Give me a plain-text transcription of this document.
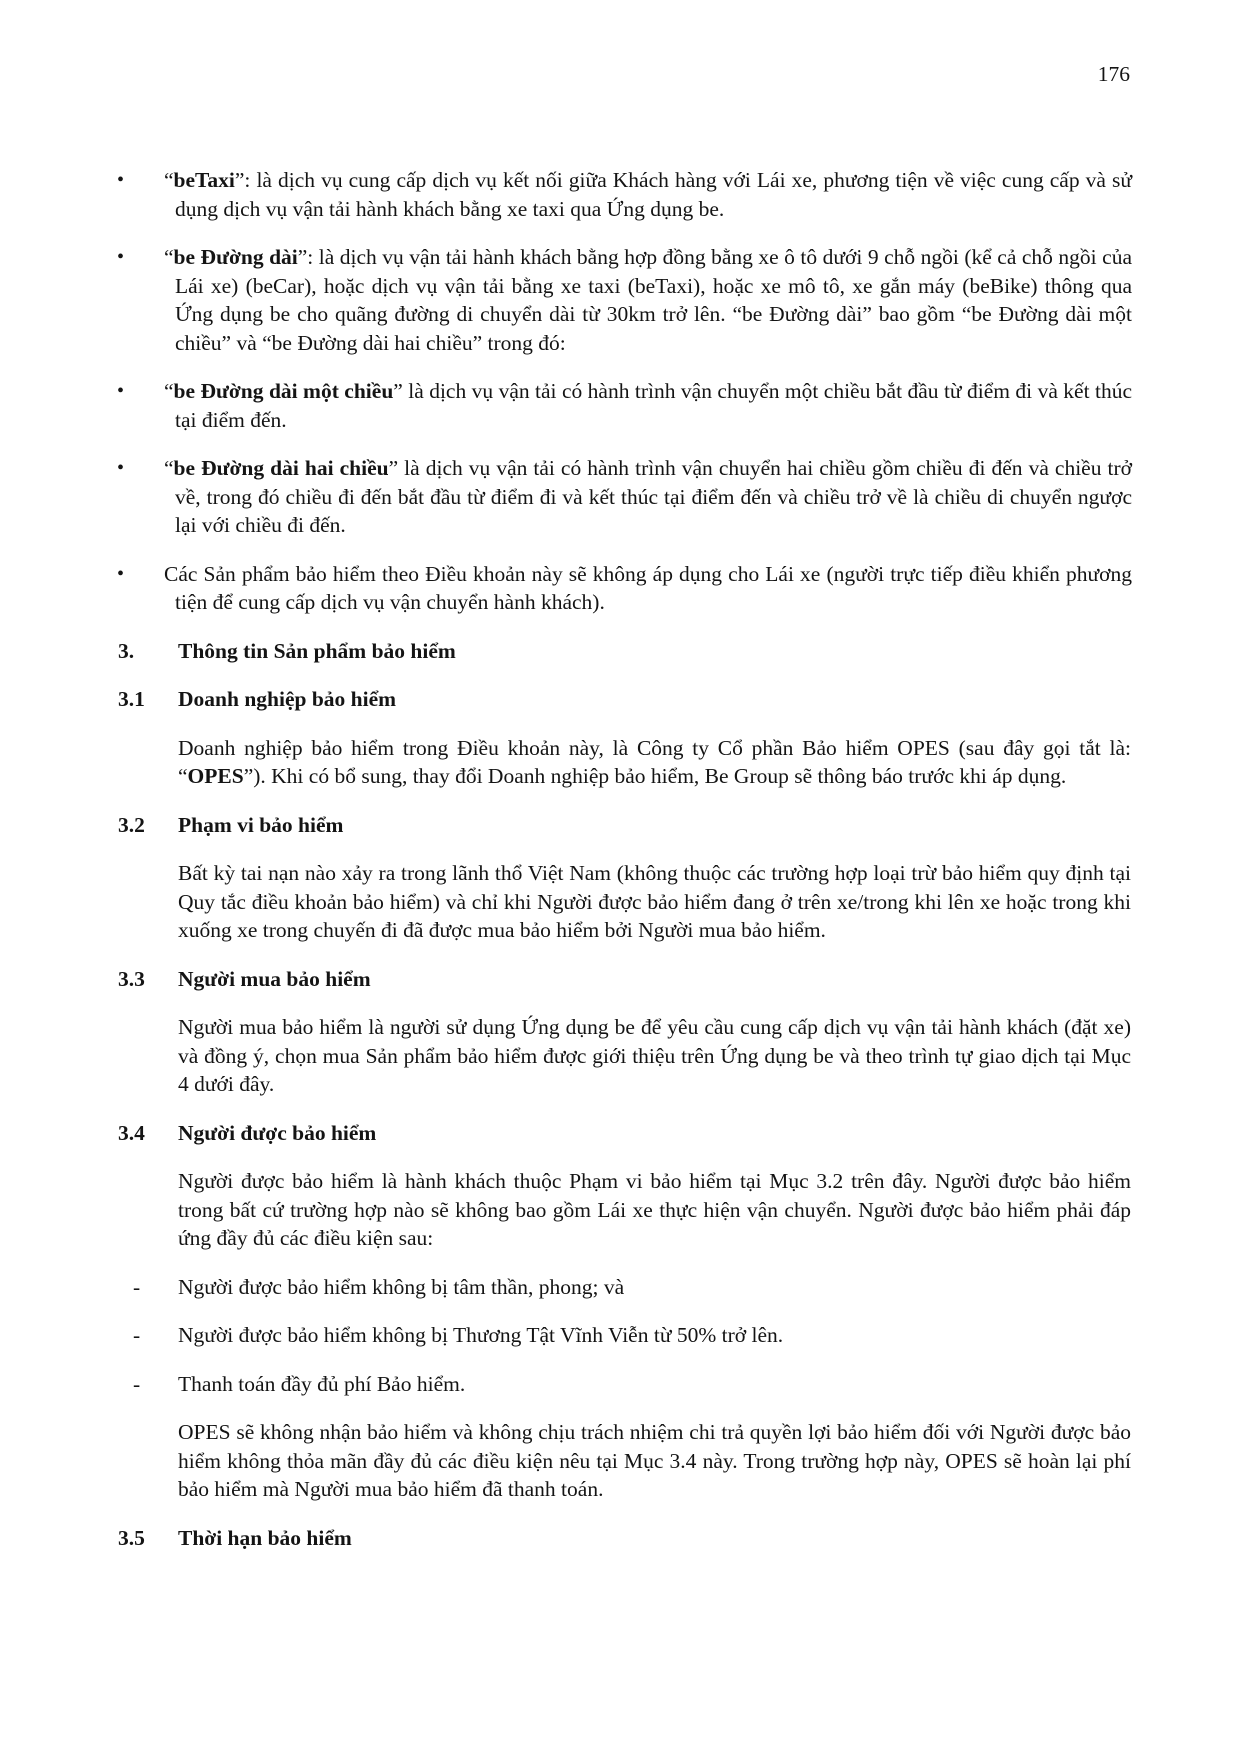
176
• “beTaxi”: là dịch vụ cung cấp dịch vụ kết nối giữa Khách hàng với Lái xe, phương tiện về việc cung cấp và sử dụng dịch vụ vận tải hành khách bằng xe taxi qua Ứng dụng be.
• “be Đường dài”: là dịch vụ vận tải hành khách bằng hợp đồng bằng xe ô tô dưới 9 chỗ ngồi (kể cả chỗ ngồi của Lái xe) (beCar), hoặc dịch vụ vận tải bằng xe taxi (beTaxi), hoặc xe mô tô, xe gắn máy (beBike) thông qua Ứng dụng be cho quãng đường di chuyển dài từ 30km trở lên. “be Đường dài” bao gồm “be Đường dài một chiều” và “be Đường dài hai chiều” trong đó:
• “be Đường dài một chiều” là dịch vụ vận tải có hành trình vận chuyển một chiều bắt đầu từ điểm đi và kết thúc tại điểm đến.
• “be Đường dài hai chiều” là dịch vụ vận tải có hành trình vận chuyển hai chiều gồm chiều đi đến và chiều trở về, trong đó chiều đi đến bắt đầu từ điểm đi và kết thúc tại điểm đến và chiều trở về là chiều di chuyển ngược lại với chiều đi đến.
• Các Sản phẩm bảo hiểm theo Điều khoản này sẽ không áp dụng cho Lái xe (người trực tiếp điều khiển phương tiện để cung cấp dịch vụ vận chuyển hành khách).
3. Thông tin Sản phẩm bảo hiểm
3.1 Doanh nghiệp bảo hiểm
Doanh nghiệp bảo hiểm trong Điều khoản này, là Công ty Cổ phần Bảo hiểm OPES (sau đây gọi tắt là: “OPES”). Khi có bổ sung, thay đổi Doanh nghiệp bảo hiểm, Be Group sẽ thông báo trước khi áp dụng.
3.2 Phạm vi bảo hiểm
Bất kỳ tai nạn nào xảy ra trong lãnh thổ Việt Nam (không thuộc các trường hợp loại trừ bảo hiểm quy định tại Quy tắc điều khoản bảo hiểm) và chỉ khi Người được bảo hiểm đang ở trên xe/trong khi lên xe hoặc trong khi xuống xe trong chuyến đi đã được mua bảo hiểm bởi Người mua bảo hiểm.
3.3 Người mua bảo hiểm
Người mua bảo hiểm là người sử dụng Ứng dụng be để yêu cầu cung cấp dịch vụ vận tải hành khách (đặt xe) và đồng ý, chọn mua Sản phẩm bảo hiểm được giới thiệu trên Ứng dụng be và theo trình tự giao dịch tại Mục 4 dưới đây.
3.4 Người được bảo hiểm
Người được bảo hiểm là hành khách thuộc Phạm vi bảo hiểm tại Mục 3.2 trên đây. Người được bảo hiểm trong bất cứ trường hợp nào sẽ không bao gồm Lái xe thực hiện vận chuyển. Người được bảo hiểm phải đáp ứng đầy đủ các điều kiện sau:
- Người được bảo hiểm không bị tâm thần, phong; và
- Người được bảo hiểm không bị Thương Tật Vĩnh Viễn từ 50% trở lên.
- Thanh toán đầy đủ phí Bảo hiểm.
OPES sẽ không nhận bảo hiểm và không chịu trách nhiệm chi trả quyền lợi bảo hiểm đối với Người được bảo hiểm không thỏa mãn đầy đủ các điều kiện nêu tại Mục 3.4 này. Trong trường hợp này, OPES sẽ hoàn lại phí bảo hiểm mà Người mua bảo hiểm đã thanh toán.
3.5 Thời hạn bảo hiểm
